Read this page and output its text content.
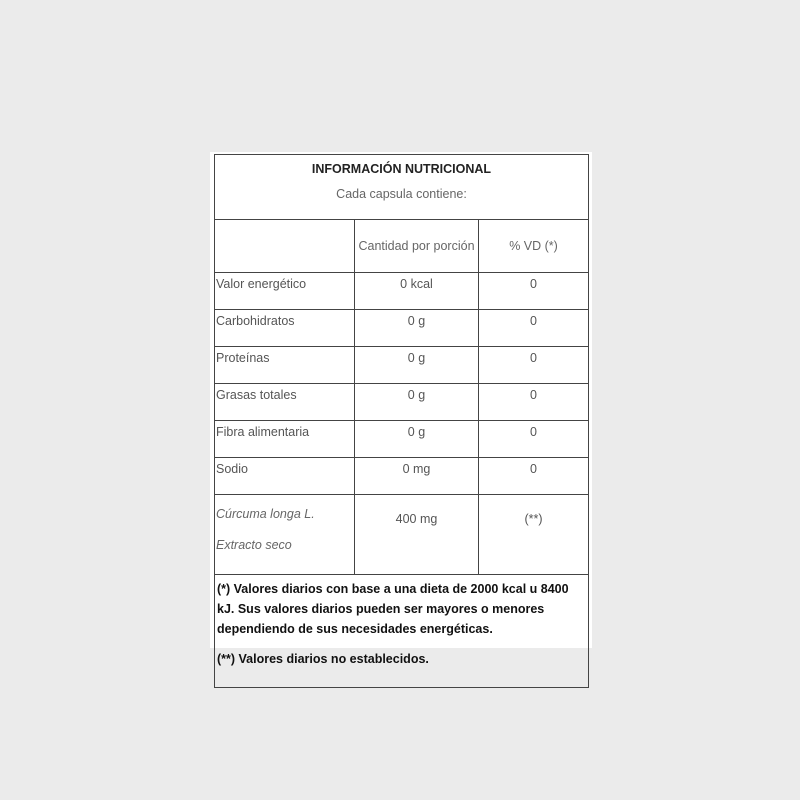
INFORMACIÓN NUTRICIONAL		
Cada capsula contiene:		
	Cantidad por porción	% VD (*)
Valor energético	0 kcal	0
Carbohidratos	0 g	0
Proteínas	0 g	0
Grasas totales	0 g	0
Fibra alimentaria	0 g	0
Sodio	0 mg	0
Cúrcuma longa L.
Extracto seco	400 mg	(**)
(*) Valores diarios con base a una dieta de 2000 kcal u 8400 kJ. Sus valores diarios pueden ser mayores o menores dependiendo de sus necesidades energéticas.
(**) Valores diarios no establecidos.		
